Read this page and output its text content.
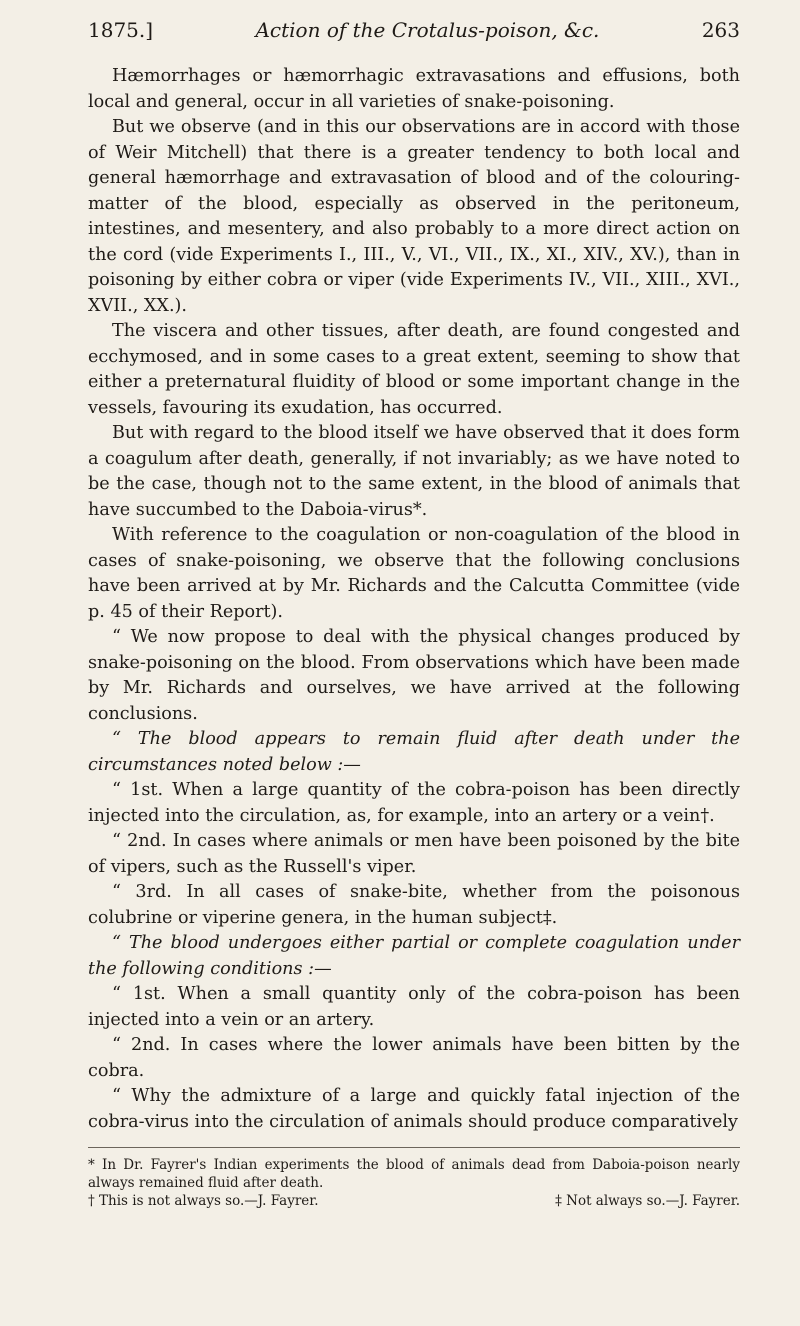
1875.]	Action of the Crotalus-poison, &c.	263

Hæmorrhages or hæmorrhagic extravasations and effusions, both local and general, occur in all varieties of snake-poisoning.

But we observe (and in this our observations are in accord with those of Weir Mitchell) that there is a greater tendency to both local and general hæmorrhage and extravasation of blood and of the colouring-matter of the blood, especially as observed in the peritoneum, intestines, and mesentery, and also probably to a more direct action on the cord (vide Experiments I., III., V., VI., VII., IX., XI., XIV., XV.), than in poisoning by either cobra or viper (vide Experiments IV., VII., XIII., XVI., XVII., XX.).

The viscera and other tissues, after death, are found congested and ecchymosed, and in some cases to a great extent, seeming to show that either a preternatural fluidity of blood or some important change in the vessels, favouring its exudation, has occurred.

But with regard to the blood itself we have observed that it does form a coagulum after death, generally, if not invariably; as we have noted to be the case, though not to the same extent, in the blood of animals that have succumbed to the Daboia-virus*.

With reference to the coagulation or non-coagulation of the blood in cases of snake-poisoning, we observe that the following conclusions have been arrived at by Mr. Richards and the Calcutta Committee (vide p. 45 of their Report).

“ We now propose to deal with the physical changes produced by snake-poisoning on the blood. From observations which have been made by Mr. Richards and ourselves, we have arrived at the following conclusions.

“ The blood appears to remain fluid after death under the circumstances noted below :—

“ 1st. When a large quantity of the cobra-poison has been directly injected into the circulation, as, for example, into an artery or a vein†.

“ 2nd. In cases where animals or men have been poisoned by the bite of vipers, such as the Russell's viper.

“ 3rd. In all cases of snake-bite, whether from the poisonous colubrine or viperine genera, in the human subject‡.

“ The blood undergoes either partial or complete coagulation under the following conditions :—

“ 1st. When a small quantity only of the cobra-poison has been injected into a vein or an artery.

“ 2nd. In cases where the lower animals have been bitten by the cobra.

“ Why the admixture of a large and quickly fatal injection of the cobra-virus into the circulation of animals should produce comparatively

* In Dr. Fayrer's Indian experiments the blood of animals dead from Daboia-poison nearly always remained fluid after death.
† This is not always so.—J. Fayrer.	‡ Not always so.—J. Fayrer.
